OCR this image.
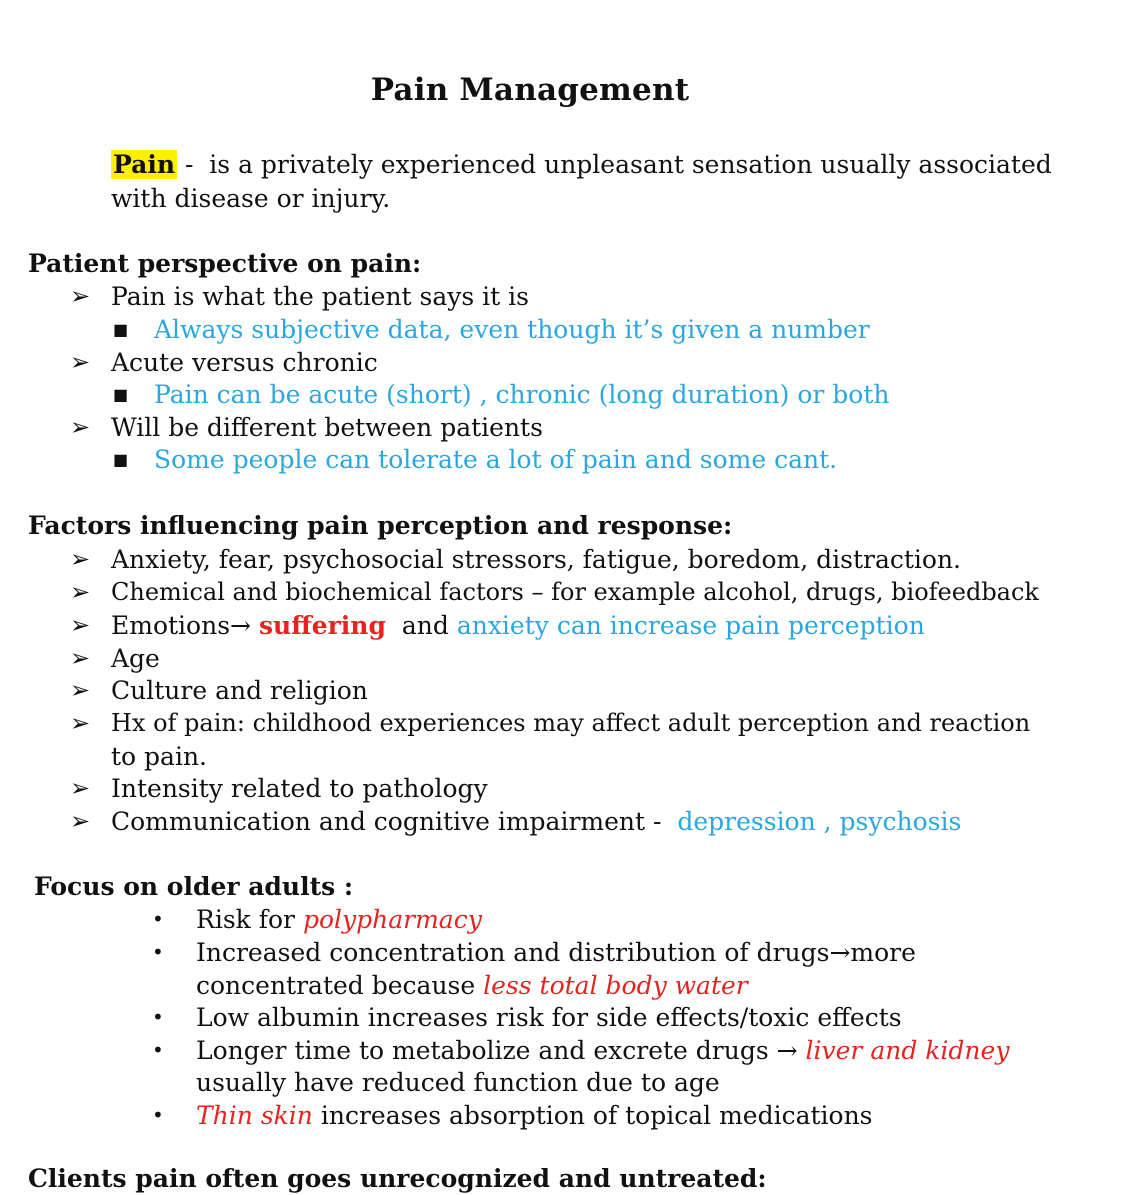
Pain Management
Pain -  is a privately experienced unpleasant sensation usually associated
with disease or injury.
Patient perspective on pain:
➢ Pain is what the patient says it is
■ Always subjective data, even though it’s given a number
➢ Acute versus chronic
■ Pain can be acute (short) , chronic (long duration) or both
➢ Will be different between patients
■ Some people can tolerate a lot of pain and some cant.
Factors influencing pain perception and response:
➢ Anxiety, fear, psychosocial stressors, fatigue, boredom, distraction.
➢ Chemical and biochemical factors – for example alcohol, drugs, biofeedback
➢ Emotions→ suffering  and anxiety can increase pain perception
➢ Age
➢ Culture and religion
➢ Hx of pain: childhood experiences may affect adult perception and reaction
to pain.
➢ Intensity related to pathology
➢ Communication and cognitive impairment -  depression , psychosis
Focus on older adults :
• Risk for polypharmacy
• Increased concentration and distribution of drugs→more
concentrated because less total body water
• Low albumin increases risk for side effects/toxic effects
• Longer time to metabolize and excrete drugs → liver and kidney
usually have reduced function due to age
• Thin skin increases absorption of topical medications
Clients pain often goes unrecognized and untreated:
